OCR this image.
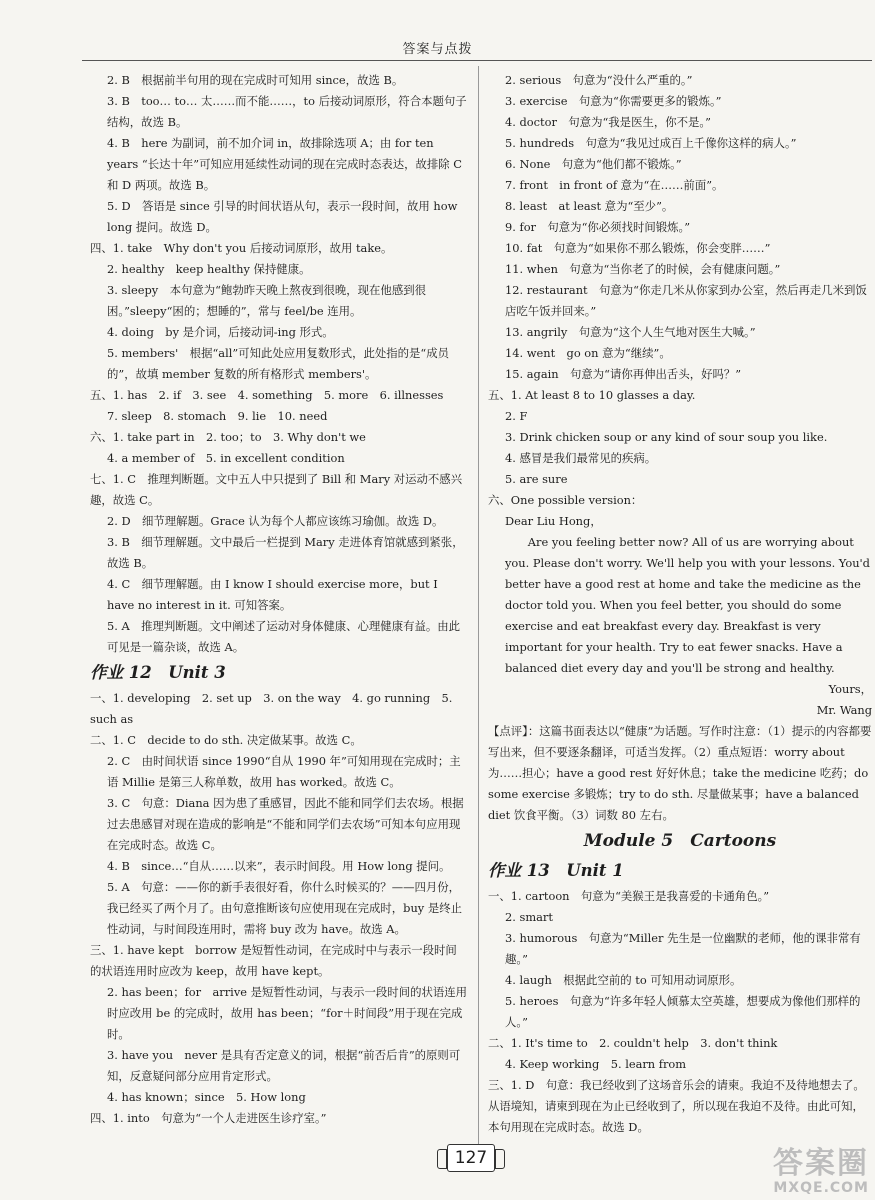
答案与点拨

2. B　根据前半句用的现在完成时可知用 since，故选 B。

3. B　too… to… 太……而不能……，to 后接动词原形，符合本题句子结构，故选 B。

4. B　here 为副词，前不加介词 in，故排除选项 A；由 for ten years “长达十年”可知应用延续性动词的现在完成时态表达，故排除 C 和 D 两项。故选 B。

5. D　答语是 since 引导的时间状语从句，表示一段时间，故用 how long 提问。故选 D。

四、1. take　Why don't you 后接动词原形，故用 take。

2. healthy　keep healthy 保持健康。

3. sleepy　本句意为“鲍勃昨天晚上熬夜到很晚，现在他感到很困。”sleepy“困的；想睡的”，常与 feel/be 连用。

4. doing　by 是介词，后接动词-ing 形式。

5. members'　根据“all”可知此处应用复数形式，此处指的是“成员的”，故填 member 复数的所有格形式 members'。

五、1. has　2. if　3. see　4. something　5. more　6. illnesses

7. sleep　8. stomach　9. lie　10. need

六、1. take part in　2. too；to　3. Why don't we

4. a member of　5. in excellent condition

七、1. C　推理判断题。文中五人中只提到了 Bill 和 Mary 对运动不感兴趣，故选 C。

2. D　细节理解题。Grace 认为每个人都应该练习瑜伽。故选 D。

3. B　细节理解题。文中最后一栏提到 Mary 走进体育馆就感到紧张，故选 B。

4. C　细节理解题。由 I know I should exercise more，but I have no interest in it. 可知答案。

5. A　推理判断题。文中阐述了运动对身体健康、心理健康有益。由此可见是一篇杂谈，故选 A。

作业 12　Unit 3

一、1. developing　2. set up　3. on the way　4. go running　5. such as

二、1. C　decide to do sth. 决定做某事。故选 C。

2. C　由时间状语 since 1990“自从 1990 年”可知用现在完成时；主语 Millie 是第三人称单数，故用 has worked。故选 C。

3. C　句意：Diana 因为患了重感冒，因此不能和同学们去农场。根据过去患感冒对现在造成的影响是“不能和同学们去农场”可知本句应用现在完成时态。故选 C。

4. B　since…“自从……以来”，表示时间段。用 How long 提问。

5. A　句意：——你的新手表很好看，你什么时候买的？——四月份，我已经买了两个月了。由句意推断该句应使用现在完成时，buy 是终止性动词，与时间段连用时，需将 buy 改为 have。故选 A。

三、1. have kept　borrow 是短暂性动词，在完成时中与表示一段时间的状语连用时应改为 keep，故用 have kept。

2. has been；for　arrive 是短暂性动词，与表示一段时间的状语连用时应改用 be 的完成时，故用 has been；“for＋时间段”用于现在完成时。

3. have you　never 是具有否定意义的词，根据“前否后肯”的原则可知，反意疑问部分应用肯定形式。

4. has known；since　5. How long

四、1. into　句意为“一个人走进医生诊疗室。”

2. serious　句意为“没什么严重的。”

3. exercise　句意为“你需要更多的锻炼。”

4. doctor　句意为“我是医生，你不是。”

5. hundreds　句意为“我见过成百上千像你这样的病人。”

6. None　句意为“他们都不锻炼。”

7. front　in front of 意为“在……前面”。

8. least　at least 意为“至少”。

9. for　句意为“你必须找时间锻炼。”

10. fat　句意为“如果你不那么锻炼，你会变胖……”

11. when　句意为“当你老了的时候，会有健康问题。”

12. restaurant　句意为“你走几米从你家到办公室，然后再走几米到饭店吃午饭并回来。”

13. angrily　句意为“这个人生气地对医生大喊。”

14. went　go on 意为“继续”。

15. again　句意为“请你再伸出舌头，好吗？”

五、1. At least 8 to 10 glasses a day.

2. F

3. Drink chicken soup or any kind of sour soup you like.

4. 感冒是我们最常见的疾病。

5. are sure

六、One possible version：

Dear Liu Hong，

　　Are you feeling better now? All of us are worrying about you. Please don't worry. We'll help you with your lessons. You'd better have a good rest at home and take the medicine as the doctor told you. When you feel better, you should do some exercise and eat breakfast every day. Breakfast is very important for your health. Try to eat fewer snacks. Have a balanced diet every day and you'll be strong and healthy.

Yours，

Mr. Wang

【点评】：这篇书面表达以“健康”为话题。写作时注意：（1）提示的内容都要写出来，但不要逐条翻译，可适当发挥。（2）重点短语：worry about 为……担心；have a good rest 好好休息；take the medicine 吃药；do some exercise 多锻炼；try to do sth. 尽量做某事；have a balanced diet 饮食平衡。（3）词数 80 左右。

Module 5　Cartoons

作业 13　Unit 1

一、1. cartoon　句意为“美猴王是我喜爱的卡通角色。”

2. smart

3. humorous　句意为“Miller 先生是一位幽默的老师，他的课非常有趣。”

4. laugh　根据此空前的 to 可知用动词原形。

5. heroes　句意为“许多年轻人倾慕太空英雄，想要成为像他们那样的人。”

二、1. It's time to　2. couldn't help　3. don't think

4. Keep working　5. learn from

三、1. D　句意：我已经收到了这场音乐会的请柬。我迫不及待地想去了。从语境知，请柬到现在为止已经收到了，所以现在我迫不及待。由此可知，本句用现在完成时态。故选 D。

127	答案圈
MXQE.COM
